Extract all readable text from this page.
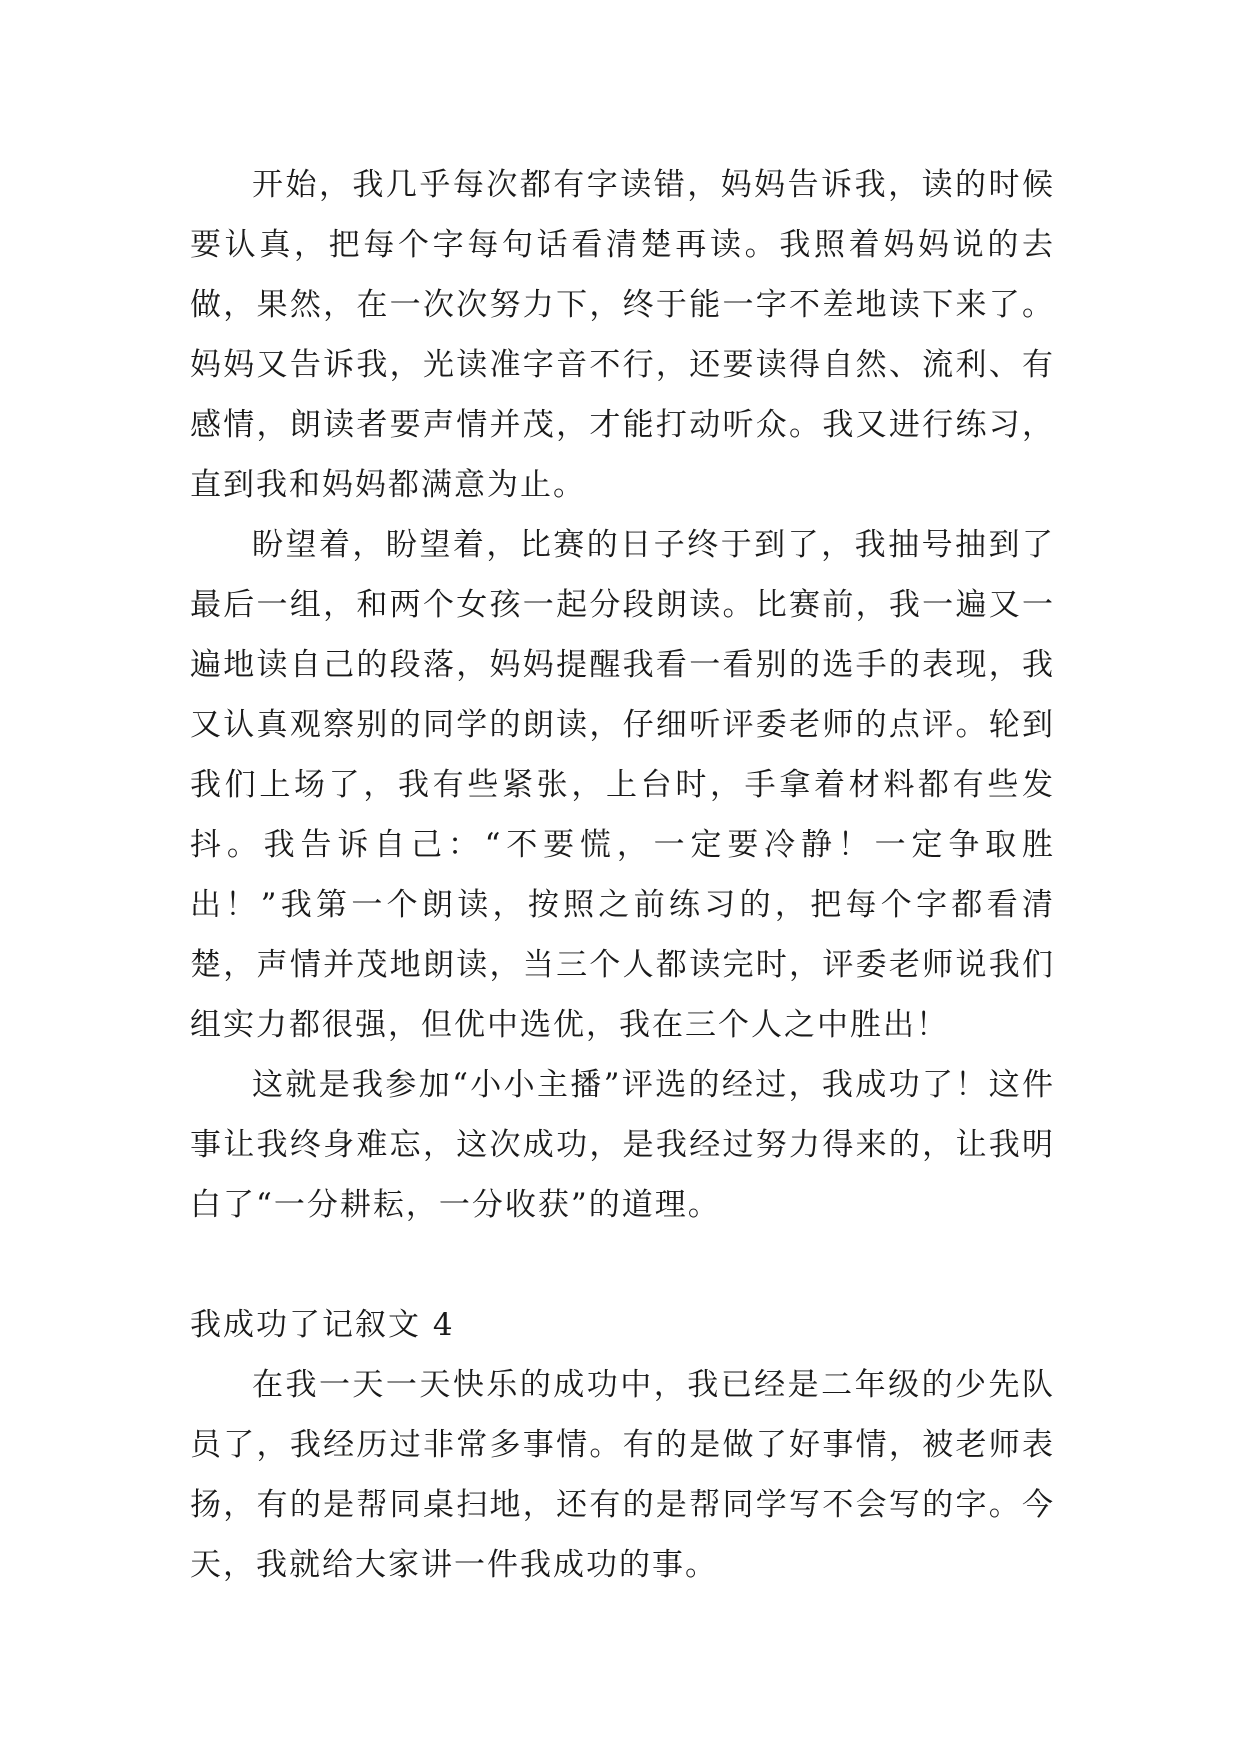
开始，我几乎每次都有字读错，妈妈告诉我，读的时候要认真，把每个字每句话看清楚再读。我照着妈妈说的去做，果然，在一次次努力下，终于能一字不差地读下来了。妈妈又告诉我，光读准字音不行，还要读得自然、流利、有感情，朗读者要声情并茂，才能打动听众。我又进行练习，直到我和妈妈都满意为止。

盼望着，盼望着，比赛的日子终于到了，我抽号抽到了最后一组，和两个女孩一起分段朗读。比赛前，我一遍又一遍地读自己的段落，妈妈提醒我看一看别的选手的表现，我又认真观察别的同学的朗读，仔细听评委老师的点评。轮到我们上场了，我有些紧张，上台时，手拿着材料都有些发抖。我告诉自己：“不要慌，一定要冷静！一定争取胜出！”我第一个朗读，按照之前练习的，把每个字都看清楚，声情并茂地朗读，当三个人都读完时，评委老师说我们组实力都很强，但优中选优，我在三个人之中胜出！

这就是我参加“小小主播”评选的经过，我成功了！这件事让我终身难忘，这次成功，是我经过努力得来的，让我明白了“一分耕耘，一分收获”的道理。

我成功了记叙文 4

在我一天一天快乐的成功中，我已经是二年级的少先队员了，我经历过非常多事情。有的是做了好事情，被老师表扬，有的是帮同桌扫地，还有的是帮同学写不会写的字。今天，我就给大家讲一件我成功的事。
